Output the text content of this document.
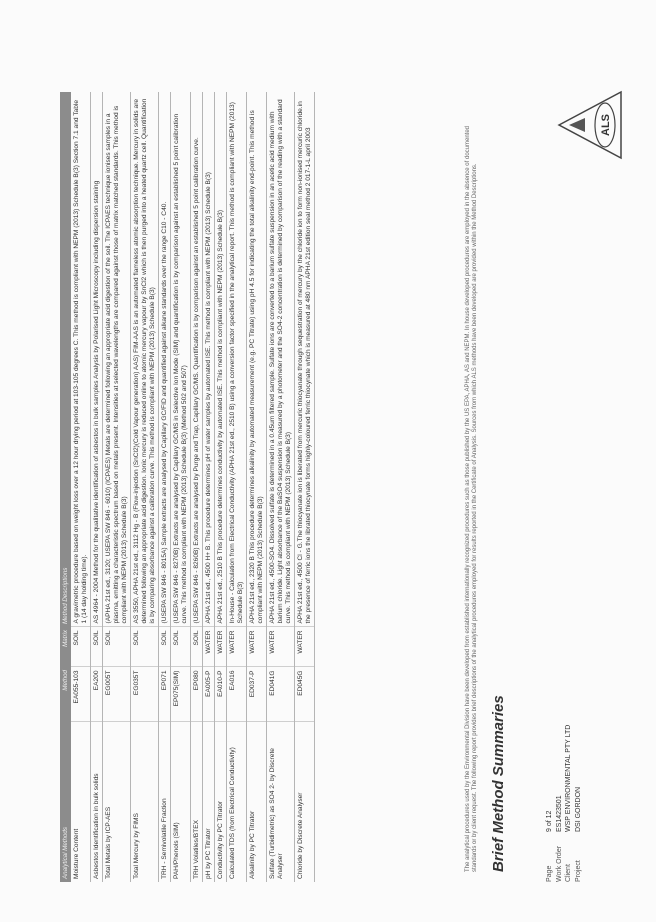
ALS
Page
9 of 12
Work Order
ES1423501
Client
WSP ENVIRONMENTAL PTY LTD
Project
DSI GORDON
Brief Method Summaries
The analytical procedures used by the Environmental Division have been developed from established internationally recognized procedures such as those published by the US EPA, APHA, AS and NEPM. In house developed procedures are employed in the absence of documented standards or by client request. The following report provides brief descriptions of the analytical procedures employed for results reported in the Certificate of Analysis. Sources from which ALS methods have been developed are provided within the Method Descriptions.
Analytical Methods	Method	Matrix	Method Descriptions
Moisture Content	EA055-103	SOIL	A gravimetric procedure based on weight loss over a 12 hour drying period at 103-105 degrees C. This method is compliant with NEPM (2013) Schedule B(3) Section 7.1 and Table 1 (14 day holding time).
Asbestos Identification in bulk solids	EA200	SOIL	AS 4964 - 2004 Method for the qualitative identification of asbestos in bulk samples Analysis by Polarised Light Microscopy including dispersion staining
Total Metals by ICP-AES	EG005T	SOIL	(APHA 21st ed., 3120; USEPA SW 846 - 6010) (ICPAES) Metals are determined following an appropriate acid digestion of the soil. The ICPAES technique ionises samples in a plasma, emitting a characteristic spectrum based on metals present. Intensities at selected wavelengths are compared against those of matrix matched standards. This method is compliant with NEPM (2013) Schedule B(3)
Total Mercury by FIMS	EG035T	SOIL	AS 3550, APHA 21st ed., 3112 Hg - B (Flow-injection (SnCl2)(Cold Vapour generation) AAS) FIM-AAS is an automated flameless atomic absorption technique. Mercury in solids are determined following an appropriate acid digestion. Ionic mercury is reduced online to atomic mercury vapour by SnCl2 which is then purged into a heated quartz cell. Quantification is by comparing absorbance against a calibration curve. This method is compliant with NEPM (2013) Schedule B(3)
TRH - Semivolatile Fraction	EP071	SOIL	(USEPA SW 846 - 8015A) Sample extracts are analysed by Capillary GC/FID and quantified against alkane standards over the range C10 - C40.
PAH/Phenols (SIM)	EP075(SIM)	SOIL	(USEPA SW 846 - 8270B) Extracts are analysed by Capillary GC/MS in Selective Ion Mode (SIM) and quantification is by comparison against an established 5 point calibration curve. This method is compliant with NEPM (2013) Schedule B(3) (Method 502 and 507)
TRH Volatiles/BTEX	EP080	SOIL	(USEPA SW 846 - 8260B) Extracts are analysed by Purge and Trap, Capillary GC/MS. Quantification is by comparison against an established 5 point calibration curve.
pH by PC Titrator	EA005-P	WATER	APHA 21st ed., 4500 H+ B. This procedure determines pH of water samples by automated ISE. This method is compliant with NEPM (2013) Schedule B(3)
Conductivity by PC Titrator	EA010-P	WATER	APHA 21st ed., 2510 B This procedure determines conductivity by automated ISE. This method is compliant with NEPM (2013) Schedule B(3)
Calculated TDS (from Electrical Conductivity)	EA016	WATER	In-House - Calculation from Electrical Conductivity (APHA 21st ed., 2510 B) using a conversion factor specified in the analytical report. This method is compliant with NEPM (2013) Schedule B(3)
Alkalinity by PC Titrator	ED037-P	WATER	APHA 21st ed., 2320 B This procedure determines alkalinity by automated measurement (e.g. PC Titrate) using pH 4.5 for indicating the total alkalinity end-point. This method is compliant with NEPM (2013) Schedule B(3)
Sulfate (Turbidimetric) as SO4 2- by Discrete Analyser	ED041G	WATER	APHA 21st ed., 4500-SO4. Dissolved sulfate is determined in a 0.45um filtered sample. Sulfate ions are converted to a barium sulfate suspension in an acetic acid medium with barium chloride. Light absorbance of the BaSO4 suspension is measured by a photometer and the SO4-2 concentration is determined by comparison of the reading with a standard curve. This method is compliant with NEPM (2013) Schedule B(3)
Chloride by Discrete Analyser	ED045G	WATER	APHA 21st ed., 4500 Cl - G.The thiocyanate ion is liberated from mercuric thiocyanate through sequestration of mercury by the chloride ion to form non-ionised mercuric chloride.in the presence of ferric ions the librated thiocynate forms highly-coloured ferric thiocynate which is measured at 480 nm APHA 21st edition seal method 2 017-1-L april 2003
